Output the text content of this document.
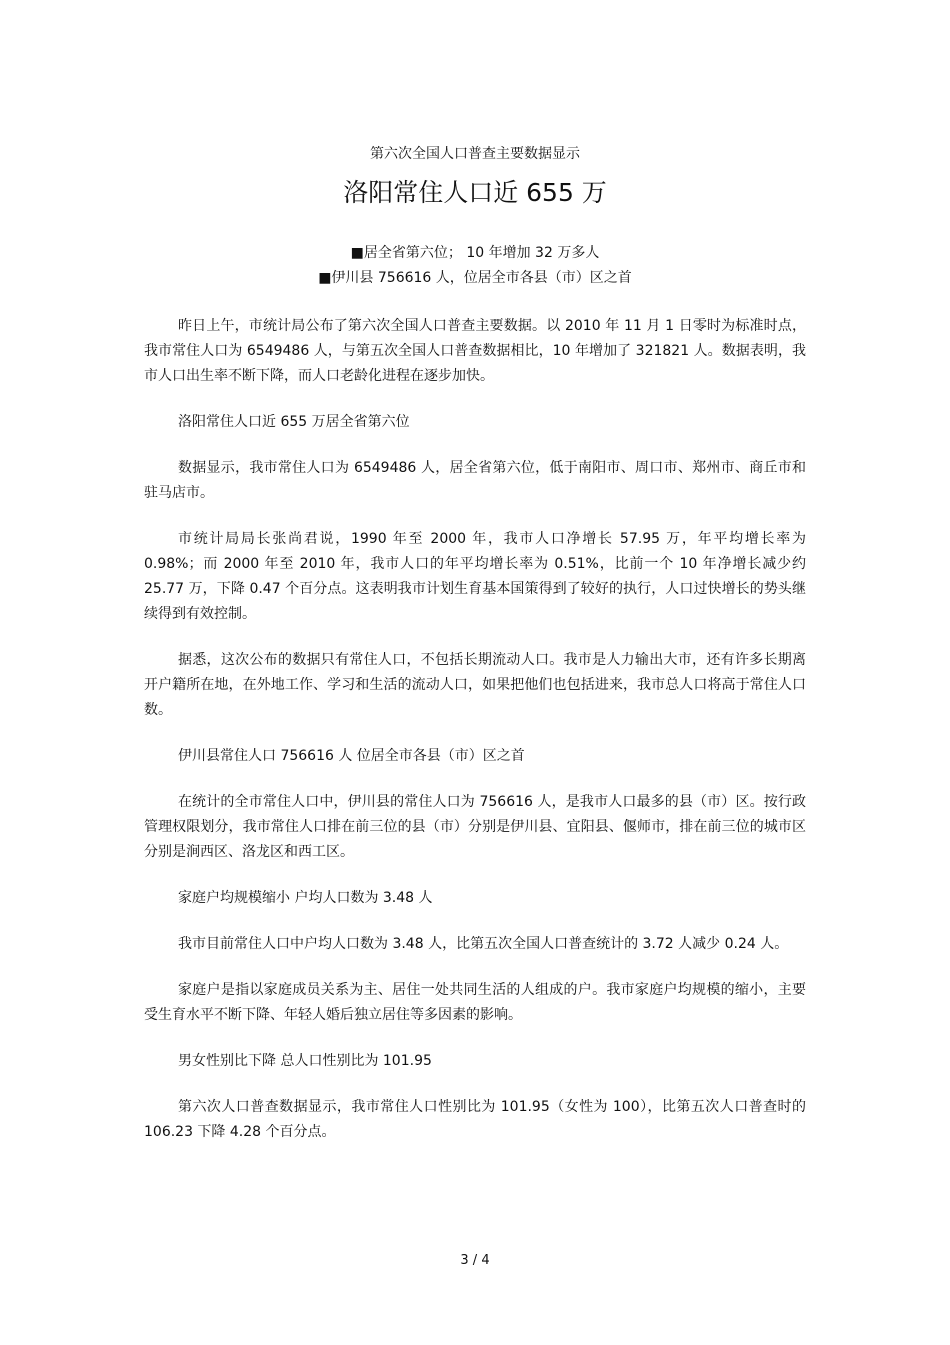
第六次全国人口普查主要数据显示
洛阳常住人口近 655 万
■居全省第六位； 10 年增加 32 万多人
■伊川县 756616 人，位居全市各县（市）区之首

昨日上午，市统计局公布了第六次全国人口普查主要数据。以 2010 年 11 月 1 日零时为标准时点，我市常住人口为 6549486 人，与第五次全国人口普查数据相比，10 年增加了 321821 人。数据表明，我市人口出生率不断下降，而人口老龄化进程在逐步加快。

洛阳常住人口近 655 万居全省第六位

数据显示，我市常住人口为 6549486 人，居全省第六位，低于南阳市、周口市、郑州市、商丘市和驻马店市。

市统计局局长张尚君说，1990 年至 2000 年，我市人口净增长 57.95 万，年平均增长率为 0.98%；而 2000 年至 2010 年，我市人口的年平均增长率为 0.51%，比前一个 10 年净增长减少约 25.77 万，下降 0.47 个百分点。这表明我市计划生育基本国策得到了较好的执行，人口过快增长的势头继续得到有效控制。

据悉，这次公布的数据只有常住人口，不包括长期流动人口。我市是人力输出大市，还有许多长期离开户籍所在地，在外地工作、学习和生活的流动人口，如果把他们也包括进来，我市总人口将高于常住人口数。

伊川县常住人口 756616 人 位居全市各县（市）区之首

在统计的全市常住人口中，伊川县的常住人口为 756616 人，是我市人口最多的县（市）区。按行政管理权限划分，我市常住人口排在前三位的县（市）分别是伊川县、宜阳县、偃师市，排在前三位的城市区分别是涧西区、洛龙区和西工区。

家庭户均规模缩小 户均人口数为 3.48 人

我市目前常住人口中户均人口数为 3.48 人，比第五次全国人口普查统计的 3.72 人减少 0.24 人。

家庭户是指以家庭成员关系为主、居住一处共同生活的人组成的户。我市家庭户均规模的缩小，主要受生育水平不断下降、年轻人婚后独立居住等多因素的影响。

男女性别比下降 总人口性别比为 101.95

第六次人口普查数据显示，我市常住人口性别比为 101.95（女性为 100），比第五次人口普查时的 106.23 下降 4.28 个百分点。

3 / 4
